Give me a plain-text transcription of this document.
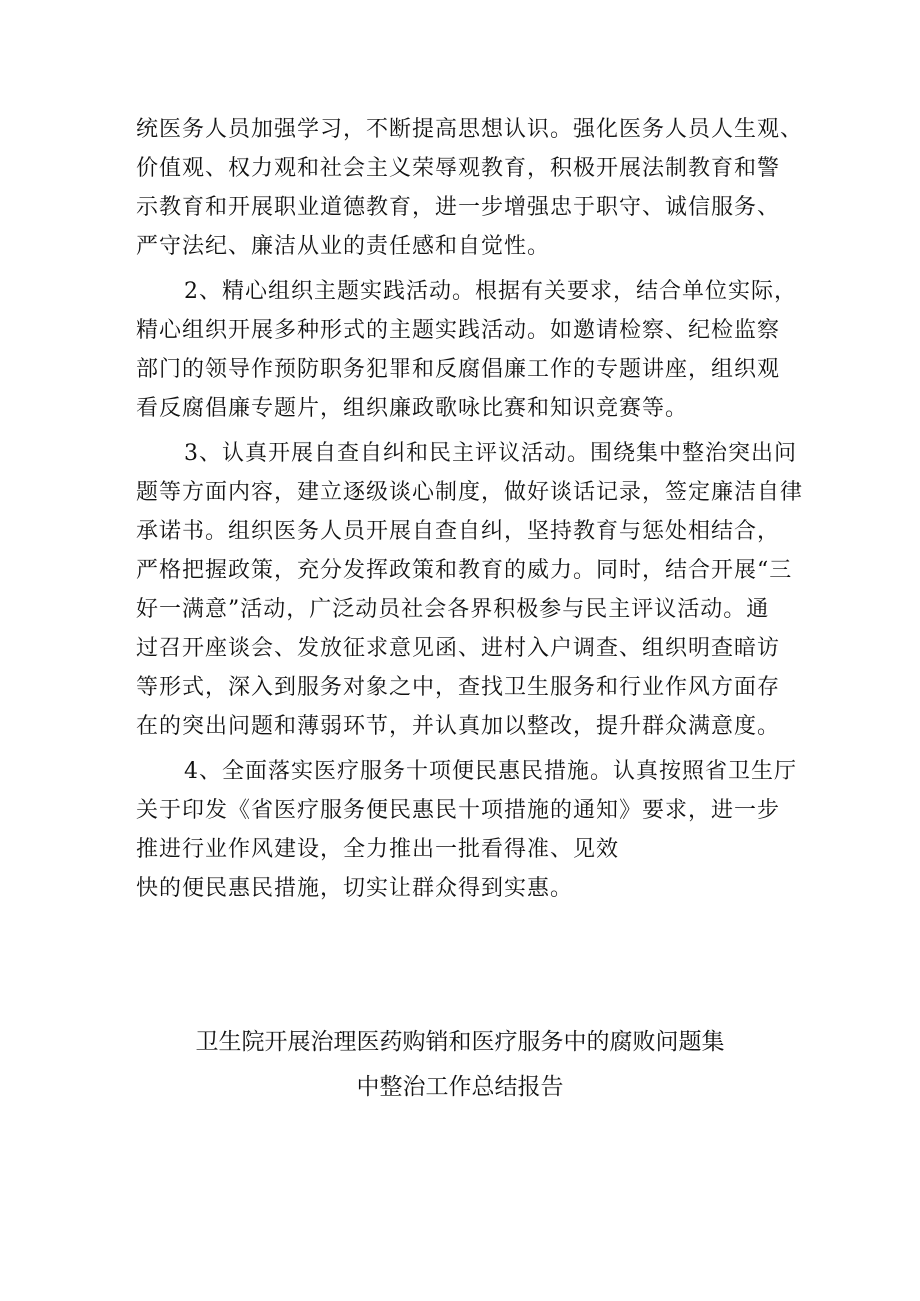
统医务人员加强学习，不断提高思想认识。强化医务人员人生观、
价值观、权力观和社会主义荣辱观教育，积极开展法制教育和警
示教育和开展职业道德教育，进一步增强忠于职守、诚信服务、
严守法纪、廉洁从业的责任感和自觉性。
2、精心组织主题实践活动。根据有关要求，结合单位实际，
精心组织开展多种形式的主题实践活动。如邀请检察、纪检监察
部门的领导作预防职务犯罪和反腐倡廉工作的专题讲座，组织观
看反腐倡廉专题片，组织廉政歌咏比赛和知识竞赛等。
3、认真开展自查自纠和民主评议活动。围绕集中整治突出问
题等方面内容，建立逐级谈心制度，做好谈话记录，签定廉洁自律
承诺书。组织医务人员开展自查自纠，坚持教育与惩处相结合，
严格把握政策，充分发挥政策和教育的威力。同时，结合开展“三
好一满意”活动，广泛动员社会各界积极参与民主评议活动。通
过召开座谈会、发放征求意见函、进村入户调查、组织明查暗访
等形式，深入到服务对象之中，查找卫生服务和行业作风方面存
在的突出问题和薄弱环节，并认真加以整改，提升群众满意度。
4、全面落实医疗服务十项便民惠民措施。认真按照省卫生厅
关于印发《省医疗服务便民惠民十项措施的通知》要求，进一步
推进行业作风建设，全力推出一批看得准、见效
快的便民惠民措施，切实让群众得到实惠。
卫生院开展治理医药购销和医疗服务中的腐败问题集
中整治工作总结报告
